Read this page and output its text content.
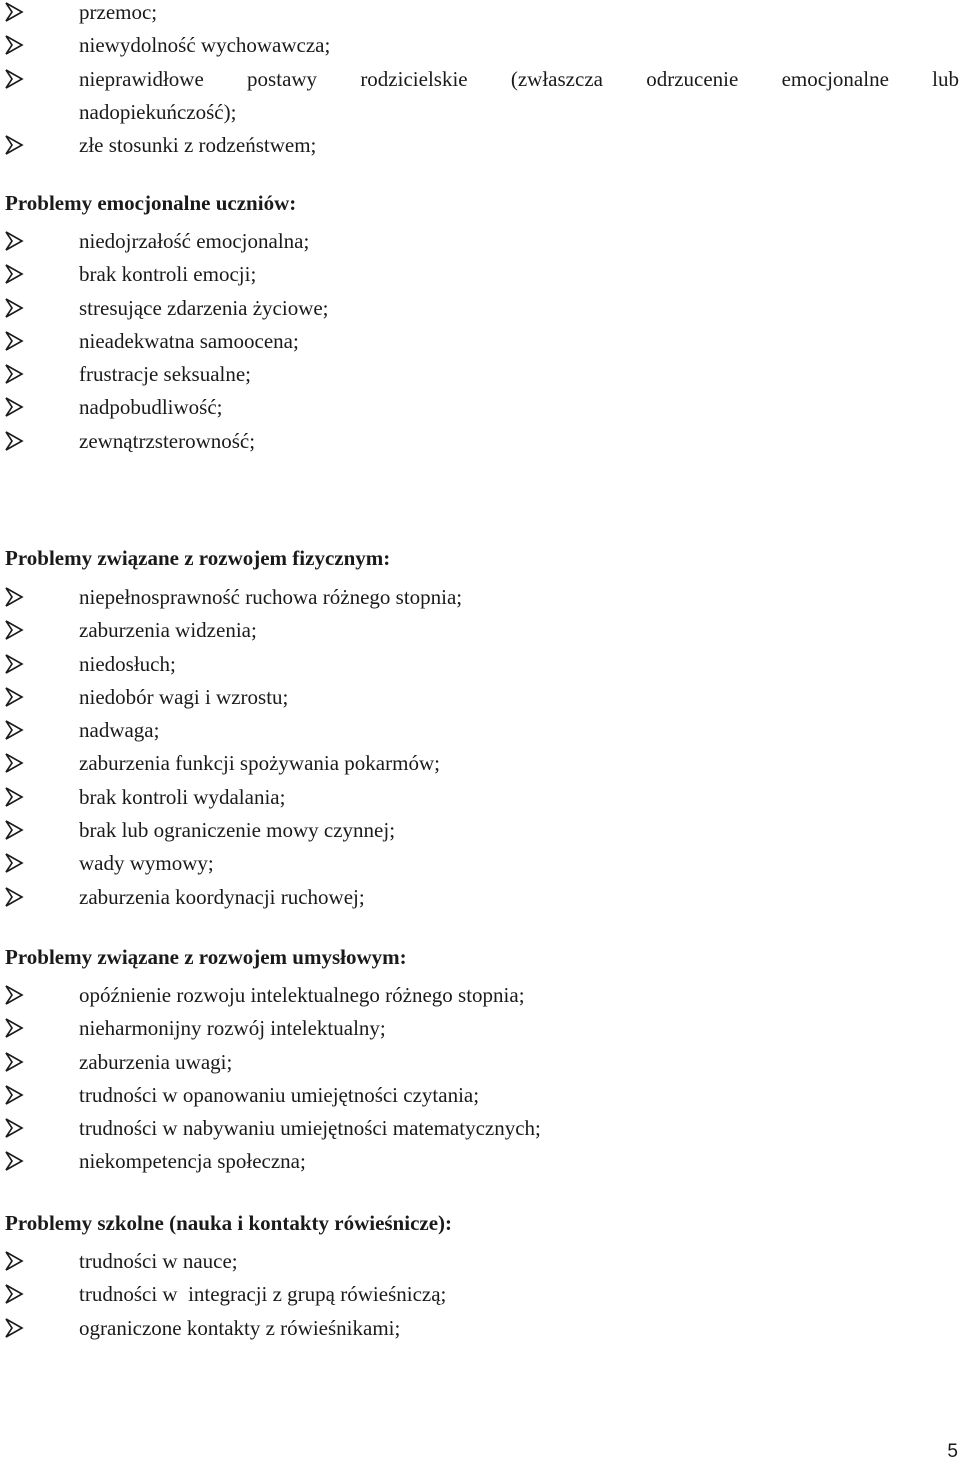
przemoc;
niewydolność wychowawcza;
nieprawidłowe postawy rodzicielskie (zwłaszcza odrzucenie emocjonalne lub
nadopiekuńczość);
złe stosunki z rodzeństwem;
Problemy emocjonalne uczniów:
niedojrzałość emocjonalna;
brak kontroli emocji;
stresujące zdarzenia życiowe;
nieadekwatna samoocena;
frustracje seksualne;
nadpobudliwość;
zewnątrzsterowność;
Problemy związane z rozwojem fizycznym:
niepełnosprawność ruchowa różnego stopnia;
zaburzenia widzenia;
niedosłuch;
niedobór wagi i wzrostu;
nadwaga;
zaburzenia funkcji spożywania pokarmów;
brak kontroli wydalania;
brak lub ograniczenie mowy czynnej;
wady wymowy;
zaburzenia koordynacji ruchowej;
Problemy związane z rozwojem umysłowym:
opóźnienie rozwoju intelektualnego różnego stopnia;
nieharmonijny rozwój intelektualny;
zaburzenia uwagi;
trudności w opanowaniu umiejętności czytania;
trudności w nabywaniu umiejętności matematycznych;
niekompetencja społeczna;
Problemy szkolne (nauka i kontakty rówieśnicze):
trudności w nauce;
trudności w  integracji z grupą rówieśniczą;
ograniczone kontakty z rówieśnikami;
5
